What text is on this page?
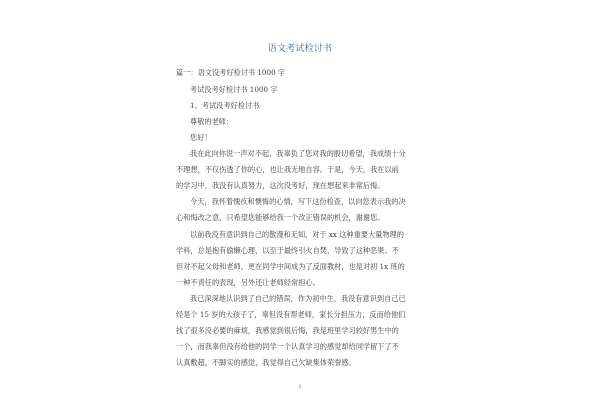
语文考试检讨书
篇一：语文没考好检讨书 1000 字
考试没考好检讨书 1000 字
1、考试没考好检讨书
尊敬的老师：
您好！
我在此向你说一声对不起，我辜负了您对我的殷切希望，我成绩十分
不理想，不仅伤透了你的心，也让我无地自容。于是，今天，我在以前
的学习中，我没有认真努力，这次没考好，现在想起来非常后悔。
今天，我怀着愧疚和懊悔的心情，写下这份检查，以向您表示我的决
心和悔改之意，只希望您能够给我一个改正错误的机会，谢谢您。
以前我没有意识到自己的散漫和无知，对于 xx 这种重要大量物理的
学科，总是抱有偷懒心理，以至于最终引火自焚，导致了这种恶果。不
但对不起父母和老师，更在同学中间成为了反面教材，也是对初 1x 班的
一种不责任的表现，另外还让老师经常担心。
我已深深地认识到了自己的错误，作为初中生，我没有意识到自己已
经是个 15 岁的大孩子了，辜但没有帮老师，家长分担压力，反而给他们
找了很多没必要的麻烦，我感觉到很后悔，我是班里学习较好男生中的
一个，而我辜但没有给他的同学一个认真学习的感觉却给同学留下了不
认真敷超，不脚实的感觉，我觉得自己欠缺集体荣誉感。
1
